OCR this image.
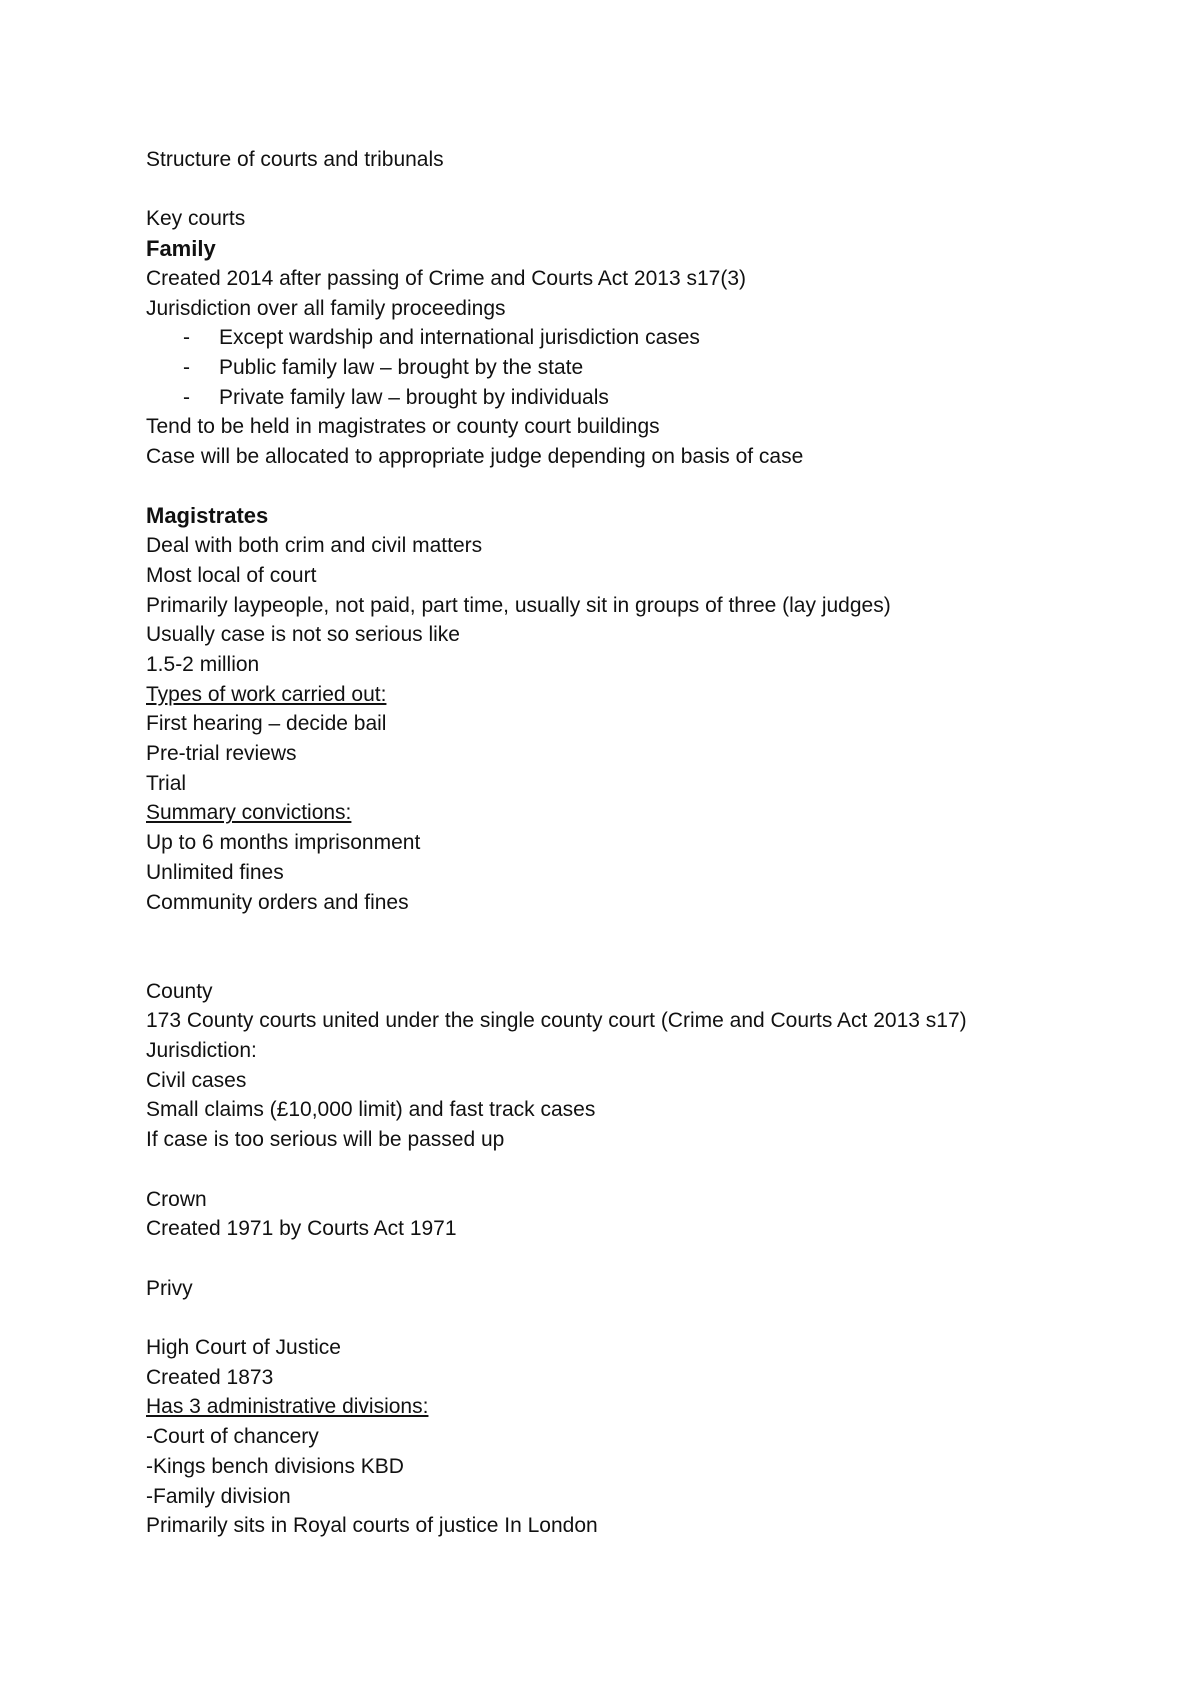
Structure of courts and tribunals
Key courts
Family
Created 2014 after passing of Crime and Courts Act 2013 s17(3)
Jurisdiction over all family proceedings
-	Except wardship and international jurisdiction cases
-	Public family law – brought by the state
-	Private family law – brought by individuals
Tend to be held in magistrates or county court buildings
Case will be allocated to appropriate judge depending on basis of case
Magistrates
Deal with both crim and civil matters
Most local of court
Primarily laypeople, not paid, part time, usually sit in groups of three (lay judges)
Usually case is not so serious like
1.5-2 million
Types of work carried out:
First hearing – decide bail
Pre-trial reviews
Trial
Summary convictions:
Up to 6 months imprisonment
Unlimited fines
Community orders and fines
County
173 County courts united under the single county court (Crime and Courts Act 2013 s17)
Jurisdiction:
Civil cases
Small claims (£10,000 limit) and fast track cases
If case is too serious will be passed up
Crown
Created 1971 by Courts Act 1971
Privy
High Court of Justice
Created 1873
Has 3 administrative divisions:
-Court of chancery
-Kings bench divisions KBD
-Family division
Primarily sits in Royal courts of justice In London
